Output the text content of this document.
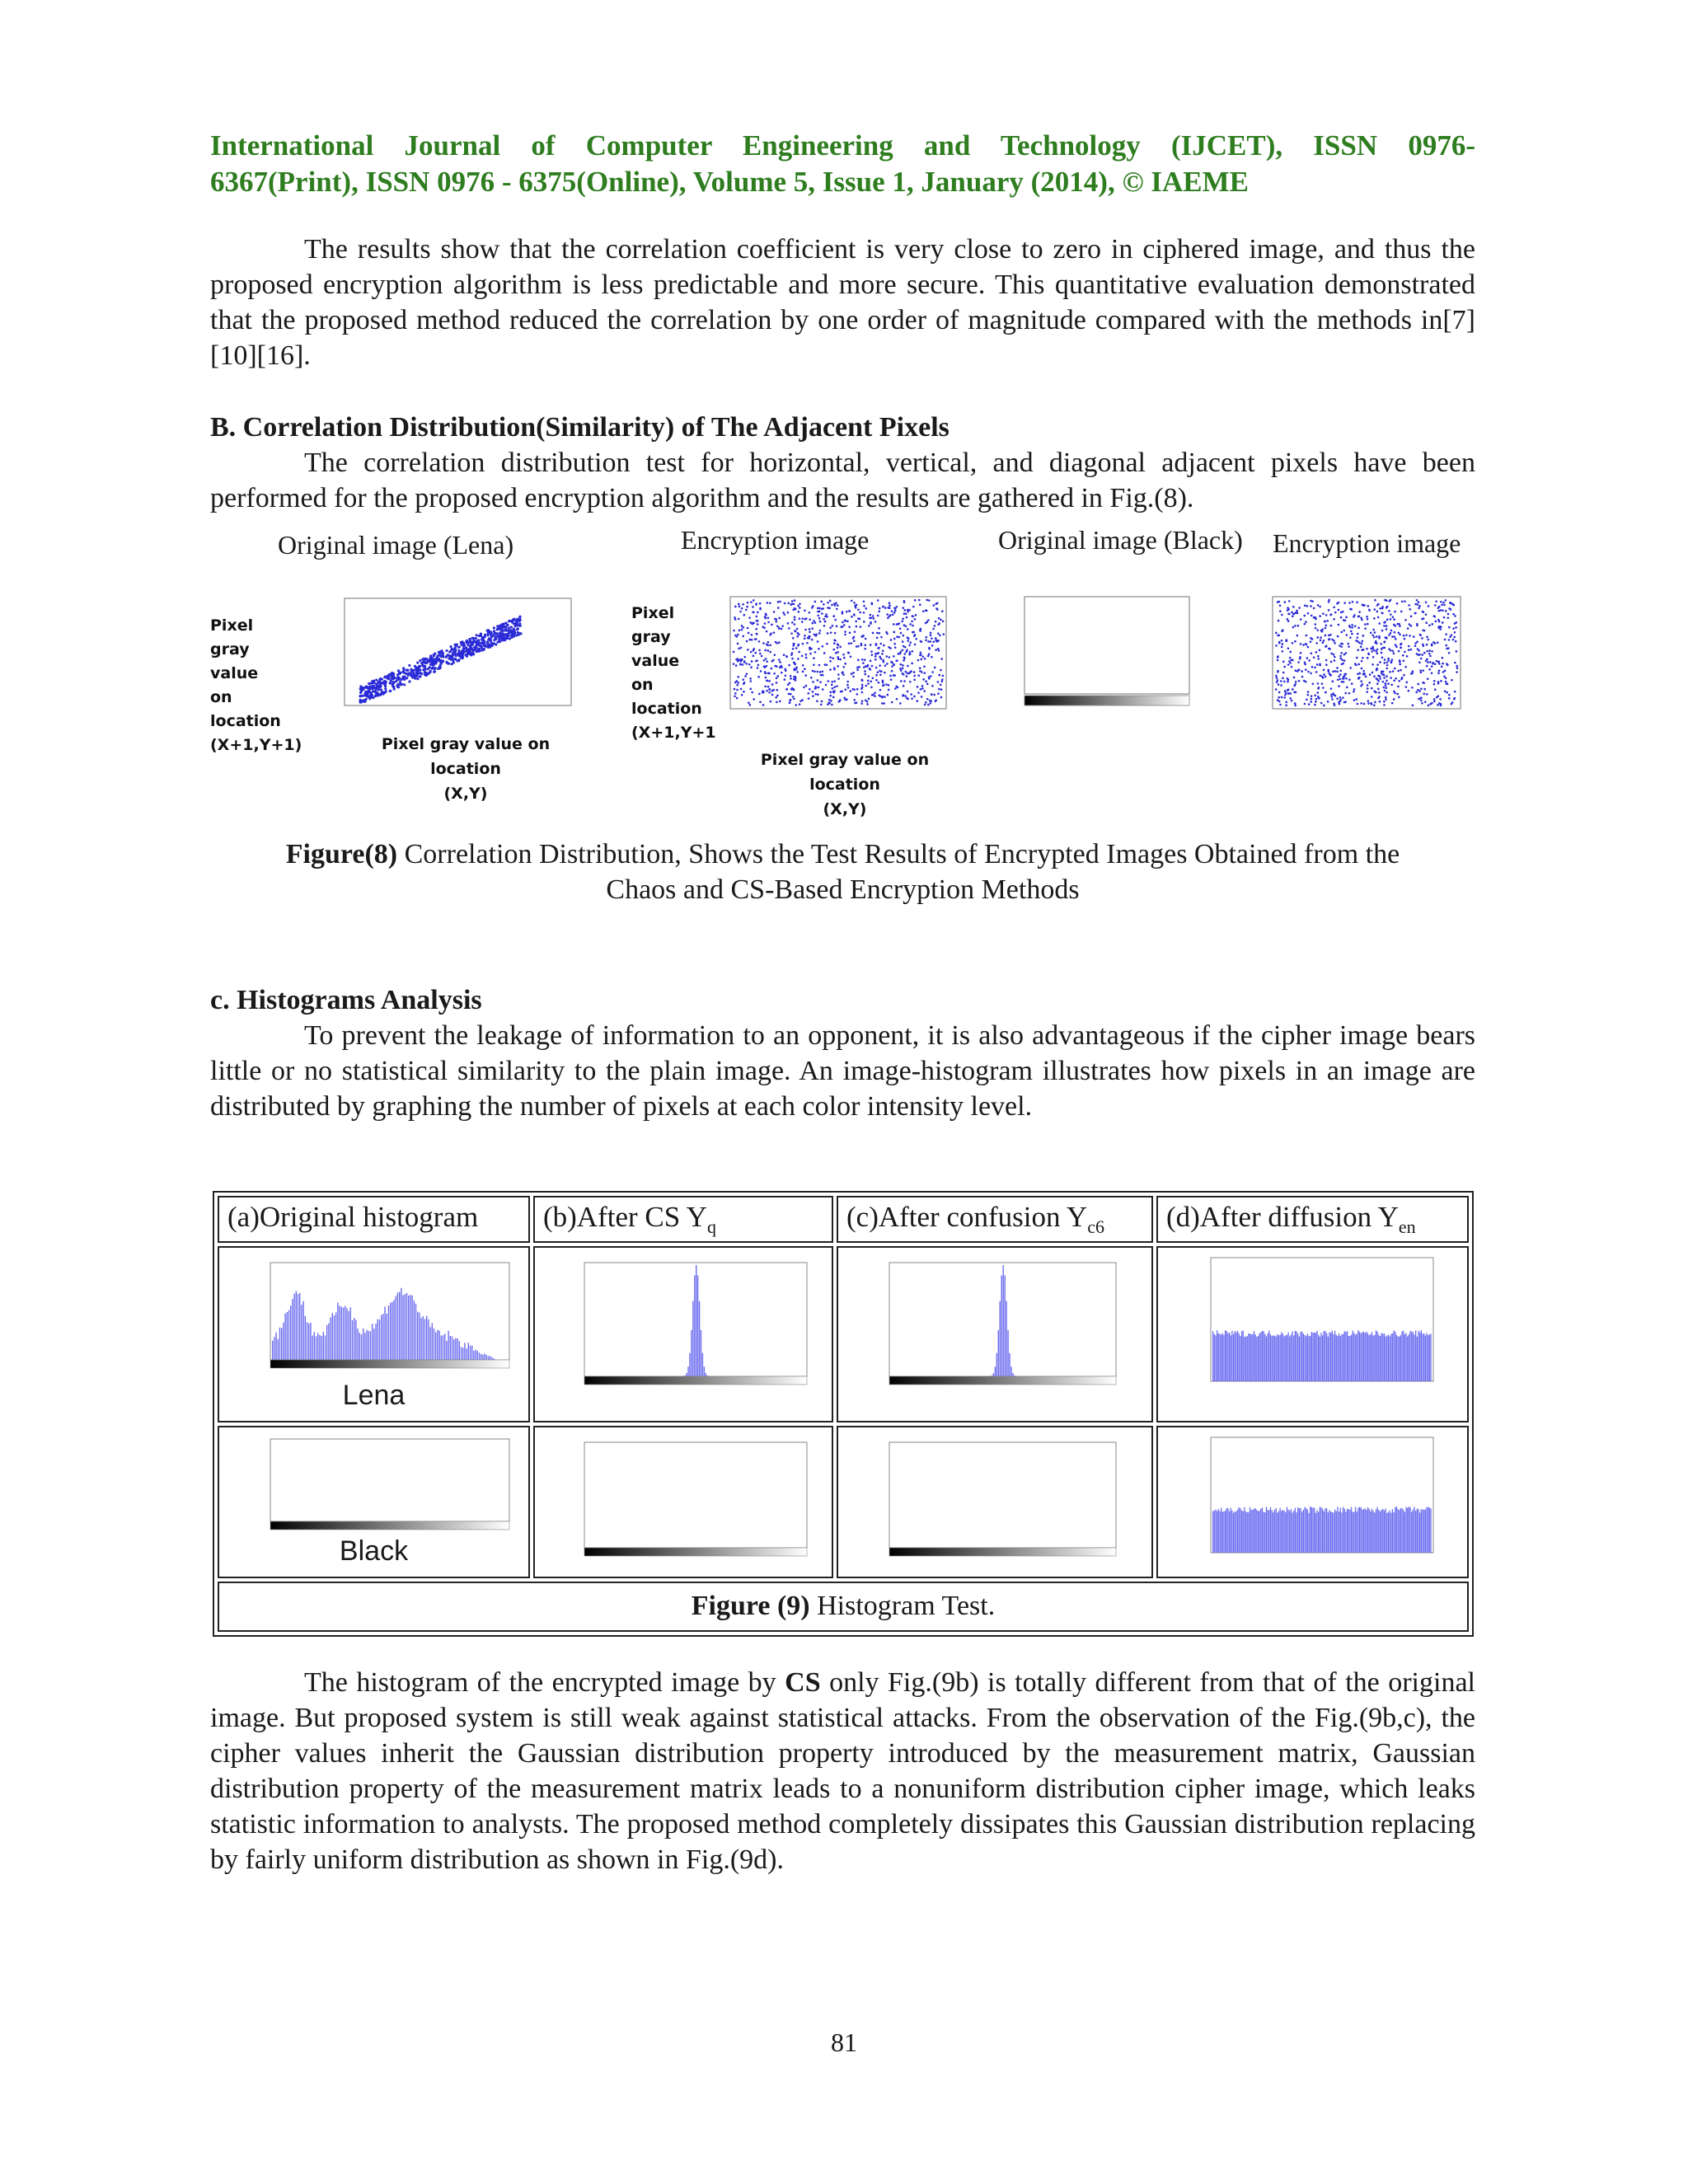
International Journal of Computer Engineering and Technology (IJCET), ISSN 0976-
6367(Print), ISSN 0976 - 6375(Online), Volume 5, Issue 1, January (2014), © IAEME
The results show that the correlation coefficient is very close to zero in ciphered image, and thus the proposed encryption algorithm is less predictable and more secure. This quantitative evaluation demonstrated that the proposed method reduced the correlation by one order of magnitude compared with the methods in[7][10][16].
B. Correlation Distribution(Similarity) of The Adjacent Pixels
The correlation distribution test for horizontal, vertical, and diagonal adjacent pixels have been performed for the proposed encryption algorithm and the results are gathered in Fig.(8).
Original image (Lena)	Encryption image	Original image (Black) Encryption image
Pixel
gray
value
on
location
(X+1,Y+1)
Pixel
gray
value
on
location
(X+1,Y+1
Pixel gray value on location
(X,Y)
Pixel gray value on location
(X,Y)
Figure(8) Correlation Distribution, Shows the Test Results of Encrypted Images Obtained from the
Chaos and CS-Based Encryption Methods
c. Histograms Analysis
To prevent the leakage of information to an opponent, it is also advantageous if the cipher image bears little or no statistical similarity to the plain image. An image-histogram illustrates how pixels in an image are distributed by graphing the number of pixels at each color intensity level.
(a)Original histogram	(b)After CS $Y_q$	(c)After confusion $Y_{c6}$	(d)After diffusion $Y_{en}$

Lena

Black

Figure (9) Histogram Test.			
The histogram of the encrypted image by CS only Fig.(9b) is totally different from that of the original image. But proposed system is still weak against statistical attacks. From the observation of the Fig.(9b,c), the cipher values inherit the Gaussian distribution property introduced by the measurement matrix, Gaussian distribution property of the measurement matrix leads to a nonuniform distribution cipher image, which leaks statistic information to analysts. The proposed method completely dissipates this Gaussian distribution replacing by fairly uniform distribution as shown in Fig.(9d).
81
